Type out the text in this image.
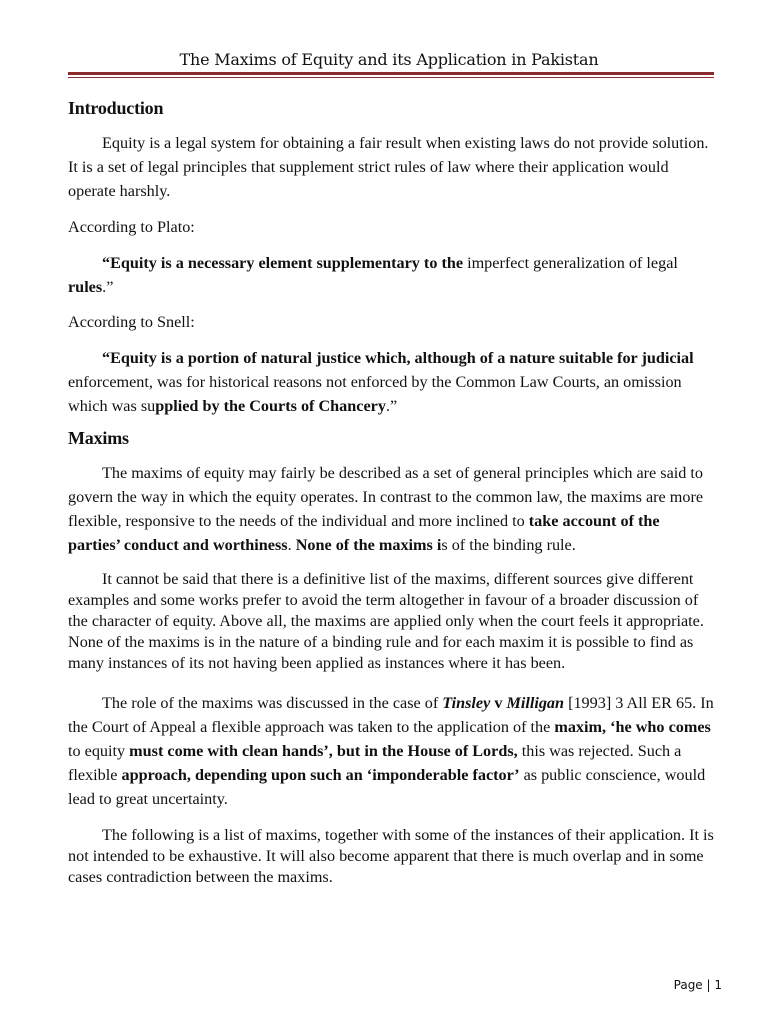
The Maxims of Equity and its Application in Pakistan
Introduction

Equity is a legal system for obtaining a fair result when existing laws do not provide solution. It is a set of legal principles that supplement strict rules of law where their application would operate harshly.

According to Plato:

“Equity is a necessary element supplementary to the imperfect generalization of legal rules.”

According to Snell:

“Equity is a portion of natural justice which, although of a nature suitable for judicial enforcement, was for historical reasons not enforced by the Common Law Courts, an omission which was supplied by the Courts of Chancery.”

Maxims

The maxims of equity may fairly be described as a set of general principles which are said to govern the way in which the equity operates. In contrast to the common law, the maxims are more flexible, responsive to the needs of the individual and more inclined to take account of the parties’ conduct and worthiness. None of the maxims is of the binding rule.

It cannot be said that there is a definitive list of the maxims, different sources give different examples and some works prefer to avoid the term altogether in favour of a broader discussion of the character of equity. Above all, the maxims are applied only when the court feels it appropriate. None of the maxims is in the nature of a binding rule and for each maxim it is possible to find as many instances of its not having been applied as instances where it has been.

The role of the maxims was discussed in the case of Tinsley v Milligan [1993] 3 All ER 65. In the Court of Appeal a flexible approach was taken to the application of the maxim, ‘he who comes to equity must come with clean hands’, but in the House of Lords, this was rejected. Such a flexible approach, depending upon such an ‘imponderable factor’ as public conscience, would lead to great uncertainty.

The following is a list of maxims, together with some of the instances of their application. It is not intended to be exhaustive. It will also become apparent that there is much overlap and in some cases contradiction between the maxims.

Page | 1
